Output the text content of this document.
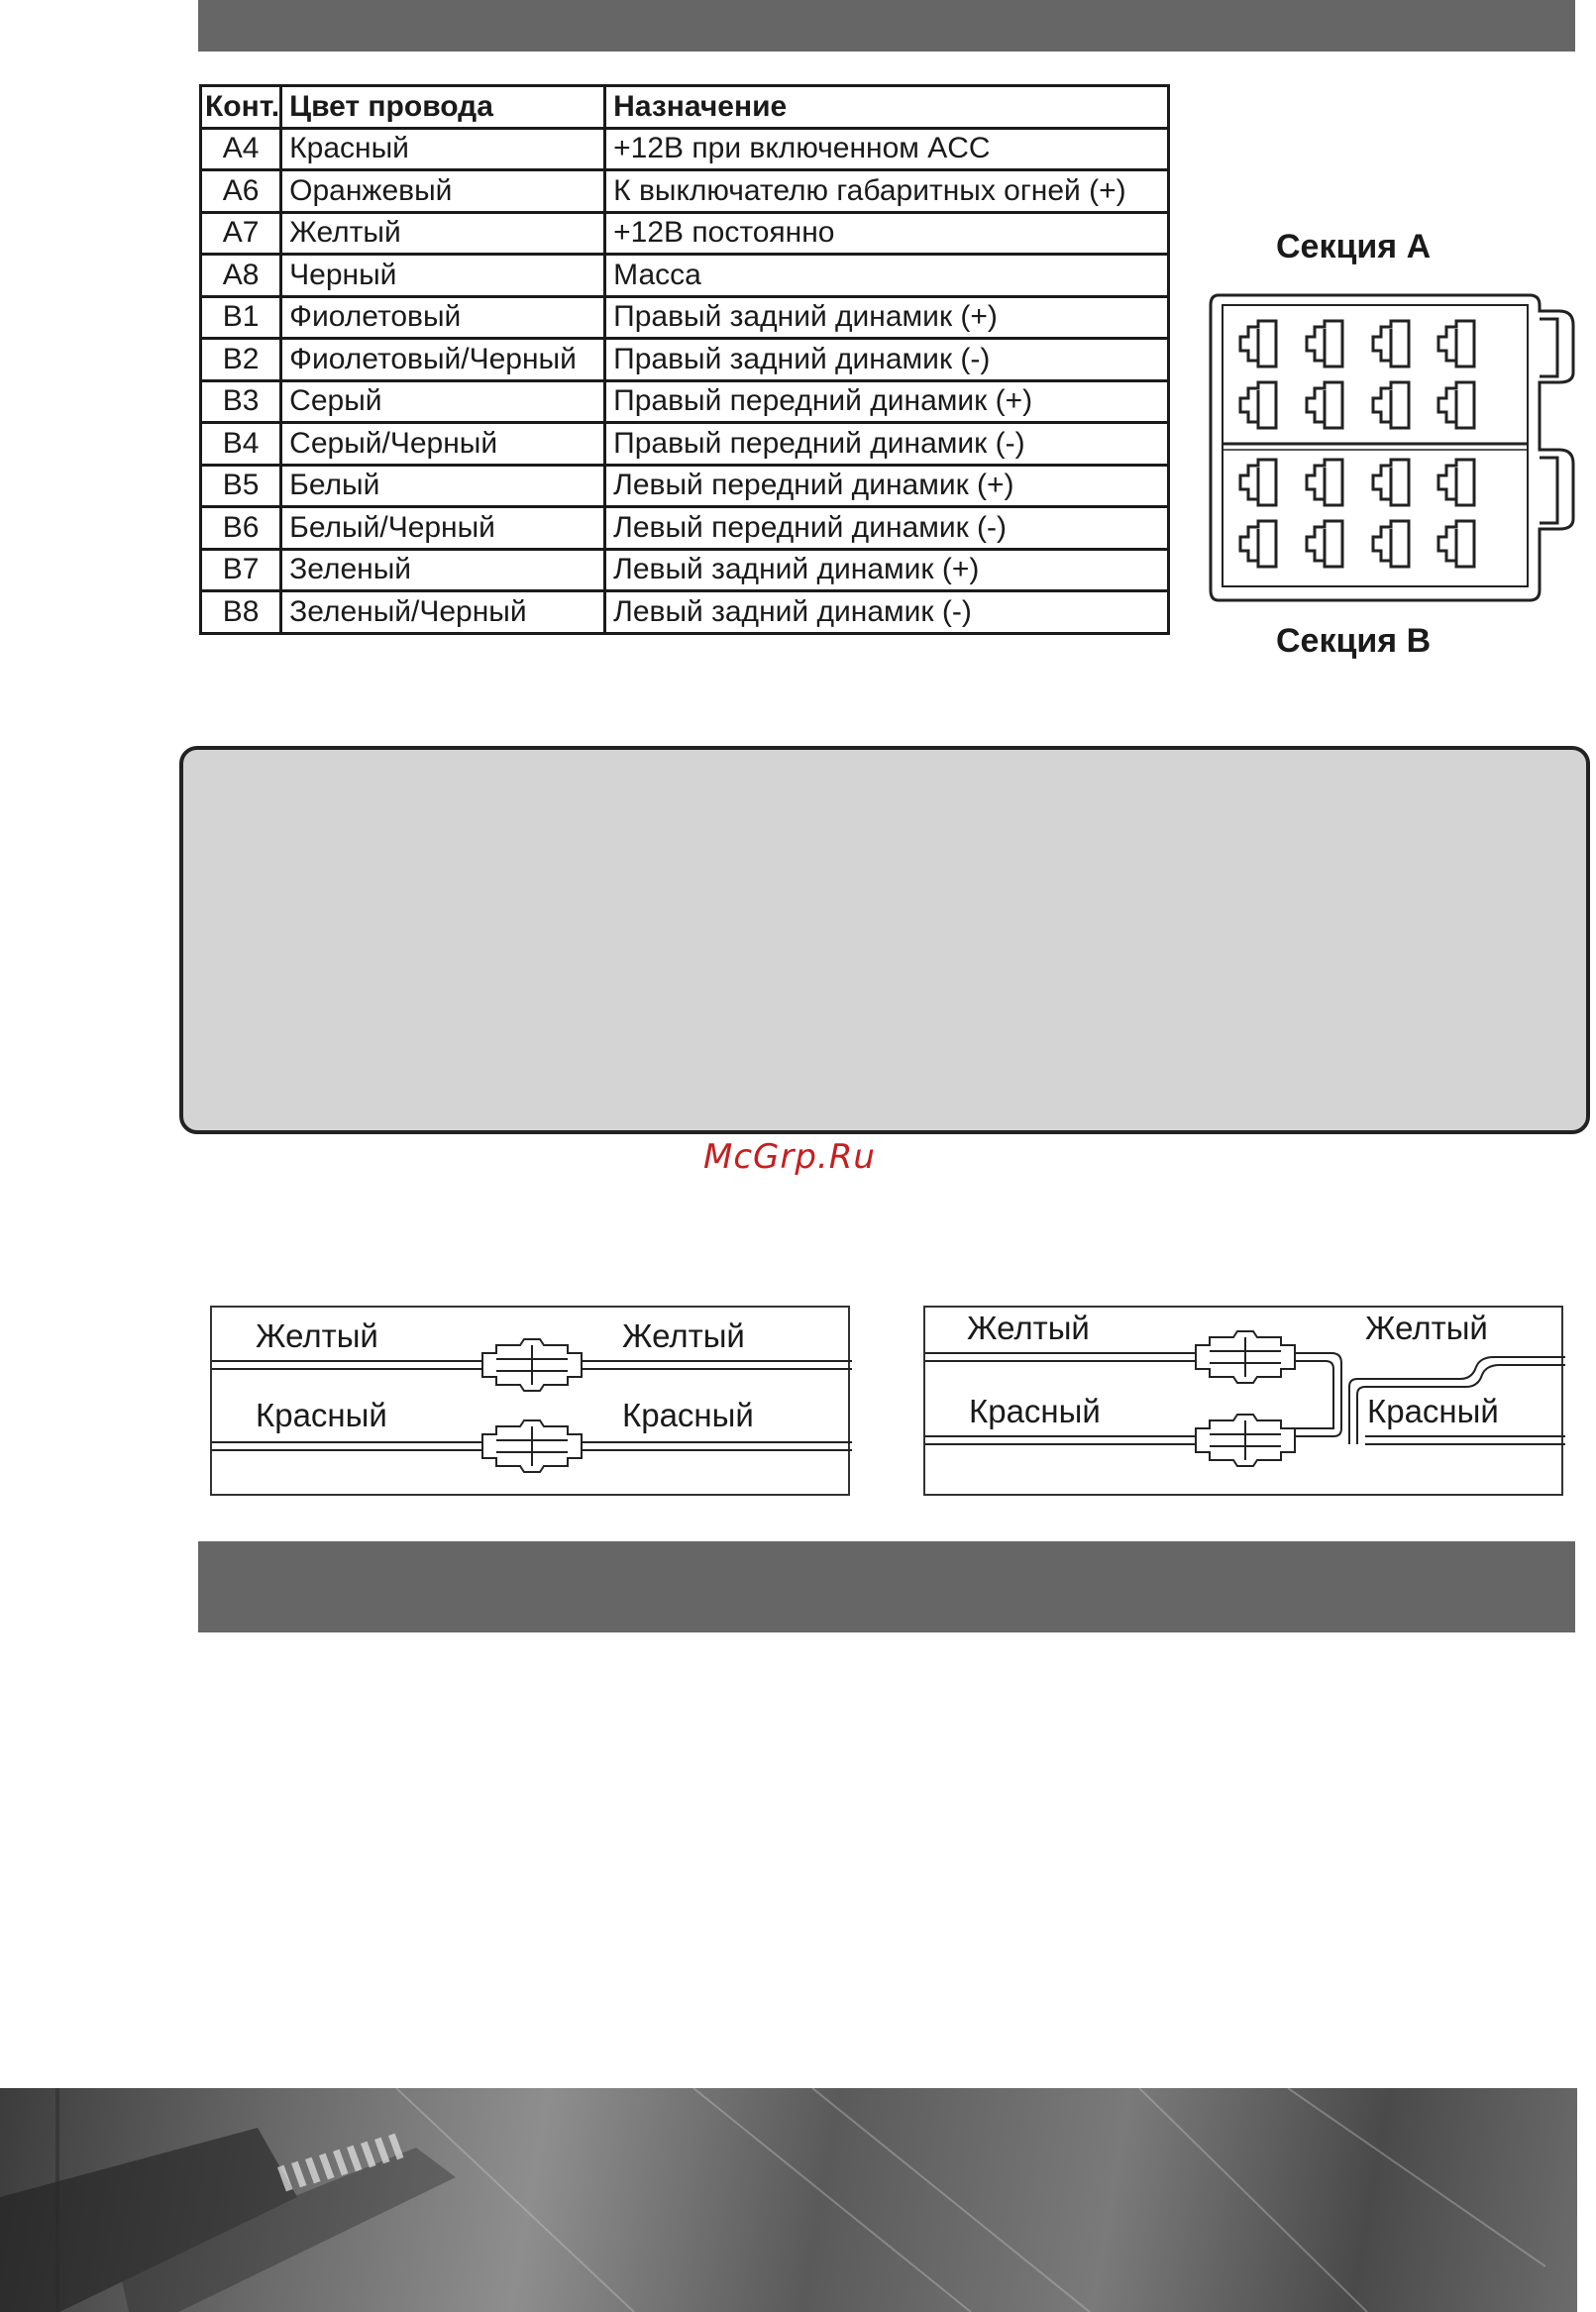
Конт.	Цвет провода	Назначение
A4	Красный	+12В при включенном ACC
A6	Оранжевый	К выключателю габаритных огней (+)
A7	Желтый	+12В постоянно
A8	Черный	Масса
B1	Фиолетовый	Правый задний динамик (+)
B2	Фиолетовый/Черный	Правый задний динамик (-)
B3	Серый	Правый передний динамик (+)
B4	Серый/Черный	Правый передний динамик (-)
B5	Белый	Левый передний динамик (+)
B6	Белый/Черный	Левый передний динамик (-)
B7	Зеленый	Левый задний динамик (+)
B8	Зеленый/Черный	Левый задний динамик (-)
Секция A
Секция B
McGrp.Ru
Желтый	Желтый
Красный	Красный
Желтый	Желтый
Красный	Красный
